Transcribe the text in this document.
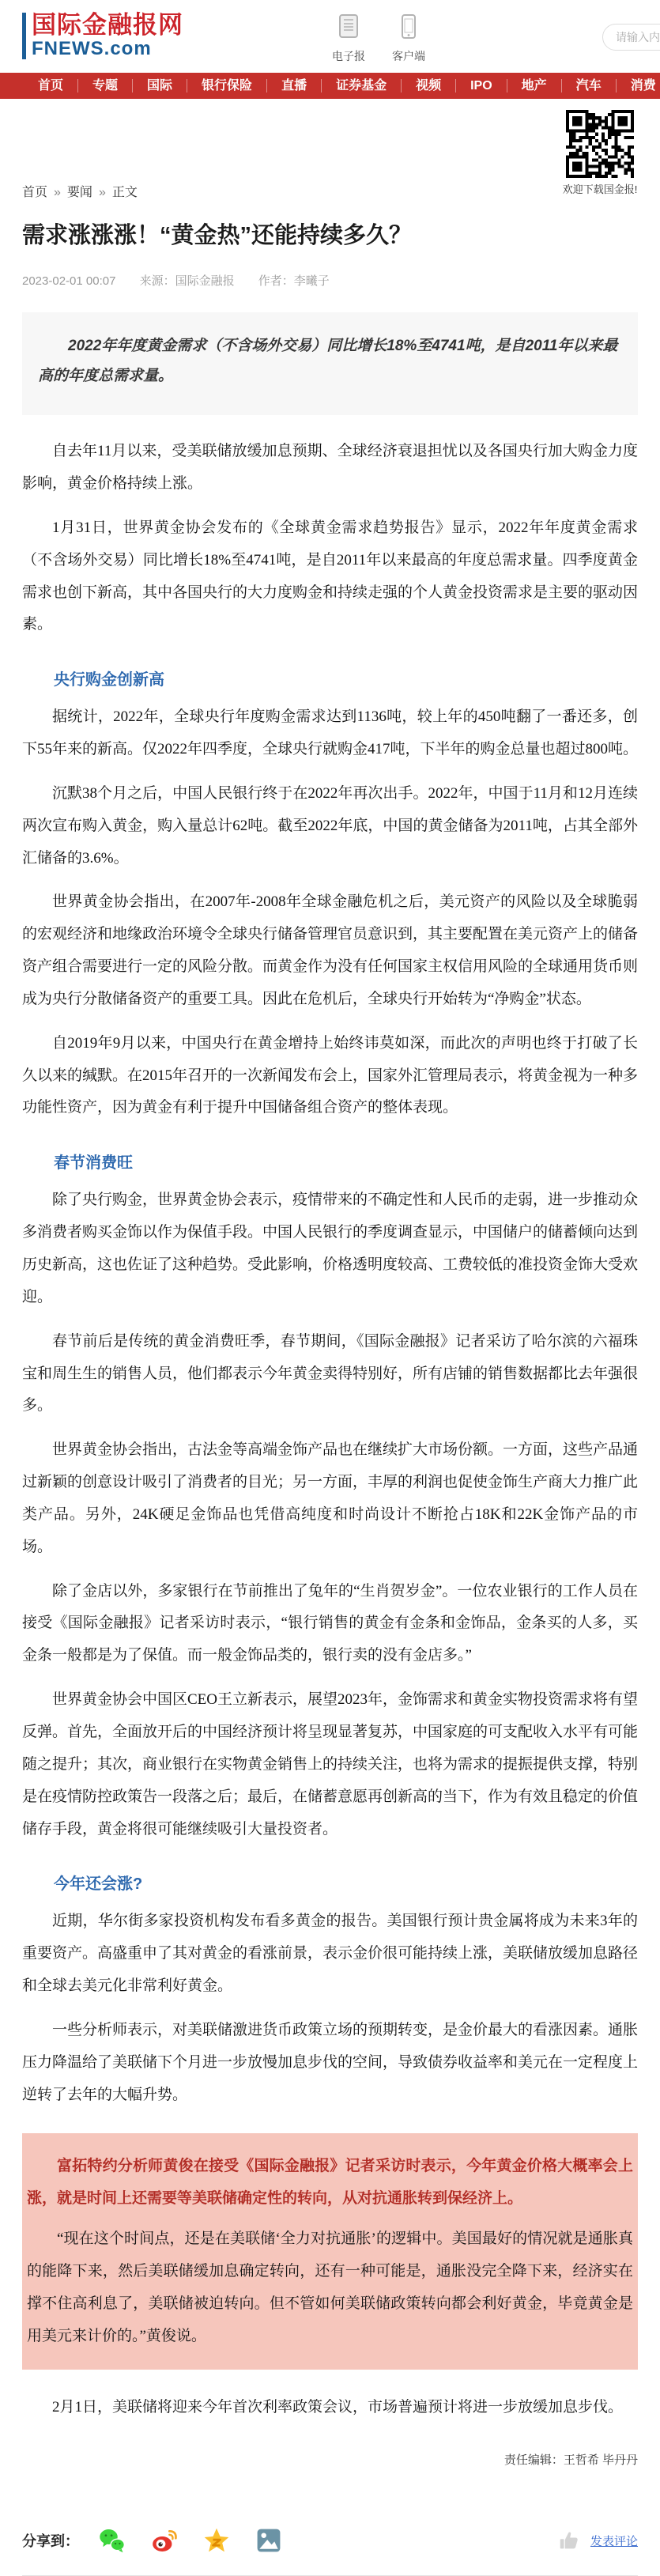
国际金融报网
FNEWS.com	电子报 客户端
请输入内容
首页	专题	国际	银行保险	直播	证券基金	视频	IPO	地产	汽车	消费
首页 » 要闻 » 正文	欢迎下载国金报!
需求涨涨涨！“黄金热”还能持续多久？
2023-02-01 00:07 来源：国际金融报 作者：李曦子

2022年年度黄金需求（不含场外交易）同比增长18%至4741吨，是自2011年以来最高的年度总需求量。

自去年11月以来，受美联储放缓加息预期、全球经济衰退担忧以及各国央行加大购金力度影响，黄金价格持续上涨。

1月31日，世界黄金协会发布的《全球黄金需求趋势报告》显示，2022年年度黄金需求（不含场外交易）同比增长18%至4741吨，是自2011年以来最高的年度总需求量。四季度黄金需求也创下新高，其中各国央行的大力度购金和持续走强的个人黄金投资需求是主要的驱动因素。

央行购金创新高

据统计，2022年，全球央行年度购金需求达到1136吨，较上年的450吨翻了一番还多，创下55年来的新高。仅2022年四季度，全球央行就购金417吨，下半年的购金总量也超过800吨。

沉默38个月之后，中国人民银行终于在2022年再次出手。2022年，中国于11月和12月连续两次宣布购入黄金，购入量总计62吨。截至2022年底，中国的黄金储备为2011吨，占其全部外汇储备的3.6%。

世界黄金协会指出，在2007年-2008年全球金融危机之后，美元资产的风险以及全球脆弱的宏观经济和地缘政治环境令全球央行储备管理官员意识到，其主要配置在美元资产上的储备资产组合需要进行一定的风险分散。而黄金作为没有任何国家主权信用风险的全球通用货币则成为央行分散储备资产的重要工具。因此在危机后，全球央行开始转为“净购金”状态。

自2019年9月以来，中国央行在黄金增持上始终讳莫如深，而此次的声明也终于打破了长久以来的缄默。在2015年召开的一次新闻发布会上，国家外汇管理局表示，将黄金视为一种多功能性资产，因为黄金有利于提升中国储备组合资产的整体表现。

春节消费旺

除了央行购金，世界黄金协会表示，疫情带来的不确定性和人民币的走弱，进一步推动众多消费者购买金饰以作为保值手段。中国人民银行的季度调查显示，中国储户的储蓄倾向达到历史新高，这也佐证了这种趋势。受此影响，价格透明度较高、工费较低的准投资金饰大受欢迎。

春节前后是传统的黄金消费旺季，春节期间，《国际金融报》记者采访了哈尔滨的六福珠宝和周生生的销售人员，他们都表示今年黄金卖得特别好，所有店铺的销售数据都比去年强很多。

世界黄金协会指出，古法金等高端金饰产品也在继续扩大市场份额。一方面，这些产品通过新颖的创意设计吸引了消费者的目光；另一方面，丰厚的利润也促使金饰生产商大力推广此类产品。另外，24K硬足金饰品也凭借高纯度和时尚设计不断抢占18K和22K金饰产品的市场。

除了金店以外，多家银行在节前推出了兔年的“生肖贺岁金”。一位农业银行的工作人员在接受《国际金融报》记者采访时表示，“银行销售的黄金有金条和金饰品，金条买的人多，买金条一般都是为了保值。而一般金饰品类的，银行卖的没有金店多。”

世界黄金协会中国区CEO王立新表示，展望2023年，金饰需求和黄金实物投资需求将有望反弹。首先，全面放开后的中国经济预计将呈现显著复苏，中国家庭的可支配收入水平有可能随之提升；其次，商业银行在实物黄金销售上的持续关注，也将为需求的提振提供支撑，特别是在疫情防控政策告一段落之后；最后，在储蓄意愿再创新高的当下，作为有效且稳定的价值储存手段，黄金将很可能继续吸引大量投资者。

今年还会涨?

近期，华尔街多家投资机构发布看多黄金的报告。美国银行预计贵金属将成为未来3年的重要资产。高盛重申了其对黄金的看涨前景，表示金价很可能持续上涨，美联储放缓加息路径和全球去美元化非常利好黄金。

一些分析师表示，对美联储激进货币政策立场的预期转变，是金价最大的看涨因素。通胀压力降温给了美联储下个月进一步放慢加息步伐的空间，导致债券收益率和美元在一定程度上逆转了去年的大幅升势。

富拓特约分析师黄俊在接受《国际金融报》记者采访时表示，今年黄金价格大概率会上涨，就是时间上还需要等美联储确定性的转向，从对抗通胀转到保经济上。

“现在这个时间点，还是在美联储‘全力对抗通胀’的逻辑中。美国最好的情况就是通胀真的能降下来，然后美联储缓加息确定转向，还有一种可能是，通胀没完全降下来，经济实在撑不住高利息了，美联储被迫转向。但不管如何美联储政策转向都会利好黄金，毕竟黄金是用美元来计价的。”黄俊说。

2月1日，美联储将迎来今年首次利率政策会议，市场普遍预计将进一步放缓加息步伐。

责任编辑：王哲希 毕丹丹
分享到：	发表评论
